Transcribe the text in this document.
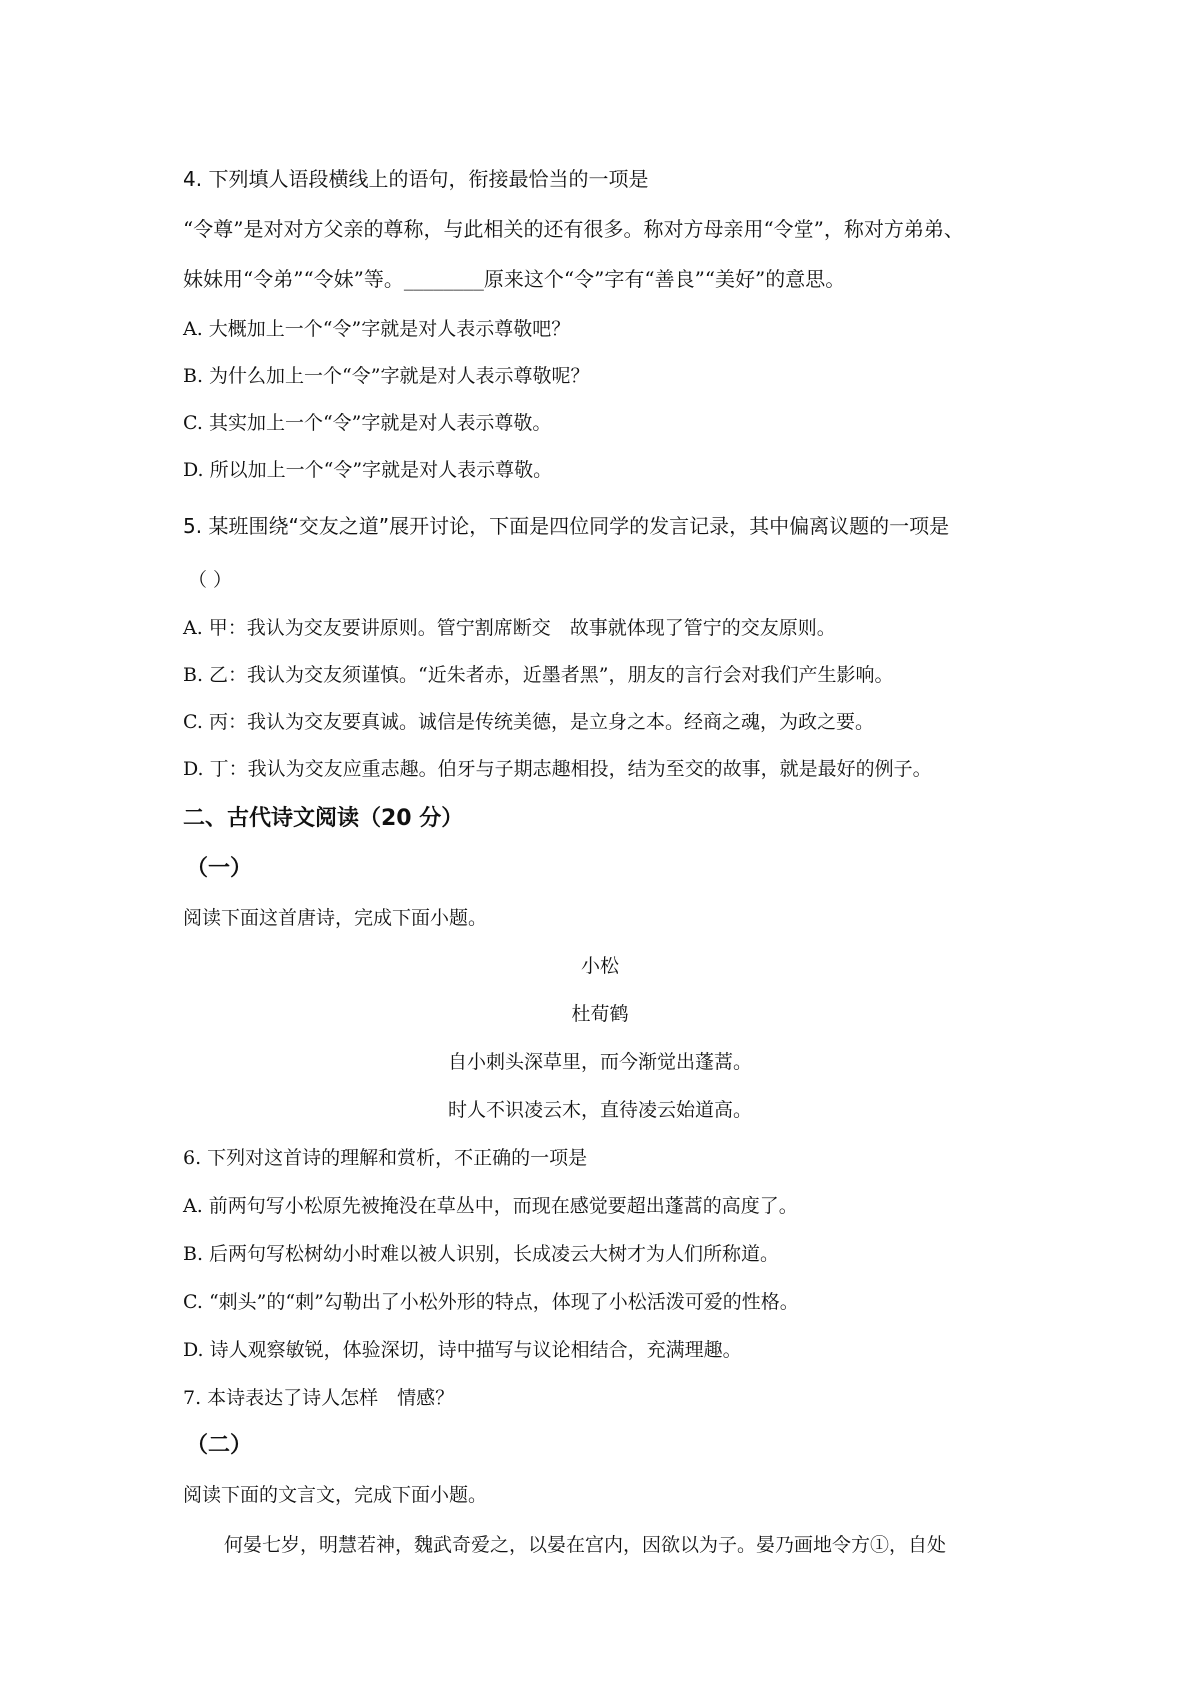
4. 下列填人语段横线上的语句，衔接最恰当的一项是
“令尊”是对对方父亲的尊称，与此相关的还有很多。称对方母亲用“令堂”，称对方弟弟、
妹妹用“令弟”“令妹”等。________原来这个“令”字有“善良”“美好”的意思。
A. 大概加上一个“令”字就是对人表示尊敬吧？
B. 为什么加上一个“令”字就是对人表示尊敬呢？
C. 其实加上一个“令”字就是对人表示尊敬。
D. 所以加上一个“令”字就是对人表示尊敬。
5. 某班围绕“交友之道”展开讨论，下面是四位同学的发言记录，其中偏离议题的一项是
（ ）
A. 甲：我认为交友要讲原则。管宁割席断交　故事就体现了管宁的交友原则。
B. 乙：我认为交友须谨慎。“近朱者赤，近墨者黑”，朋友的言行会对我们产生影响。
C. 丙：我认为交友要真诚。诚信是传统美德，是立身之本。经商之魂，为政之要。
D. 丁：我认为交友应重志趣。伯牙与子期志趣相投，结为至交的故事，就是最好的例子。
二、古代诗文阅读（20 分）
（一）
阅读下面这首唐诗，完成下面小题。
小松
杜荀鹤
自小刺头深草里，而今渐觉出蓬蒿。
时人不识凌云木，直待凌云始道高。
6. 下列对这首诗的理解和赏析，不正确的一项是
A. 前两句写小松原先被掩没在草丛中，而现在感觉要超出蓬蒿的高度了。
B. 后两句写松树幼小时难以被人识别，长成凌云大树才为人们所称道。
C. “刺头”的“刺”勾勒出了小松外形的特点，体现了小松活泼可爱的性格。
D. 诗人观察敏锐，体验深切，诗中描写与议论相结合，充满理趣。
7. 本诗表达了诗人怎样　情感？
（二）
阅读下面的文言文，完成下面小题。
何晏七岁，明慧若神，魏武奇爱之，以晏在宫内，因欲以为子。晏乃画地令方①，自处
